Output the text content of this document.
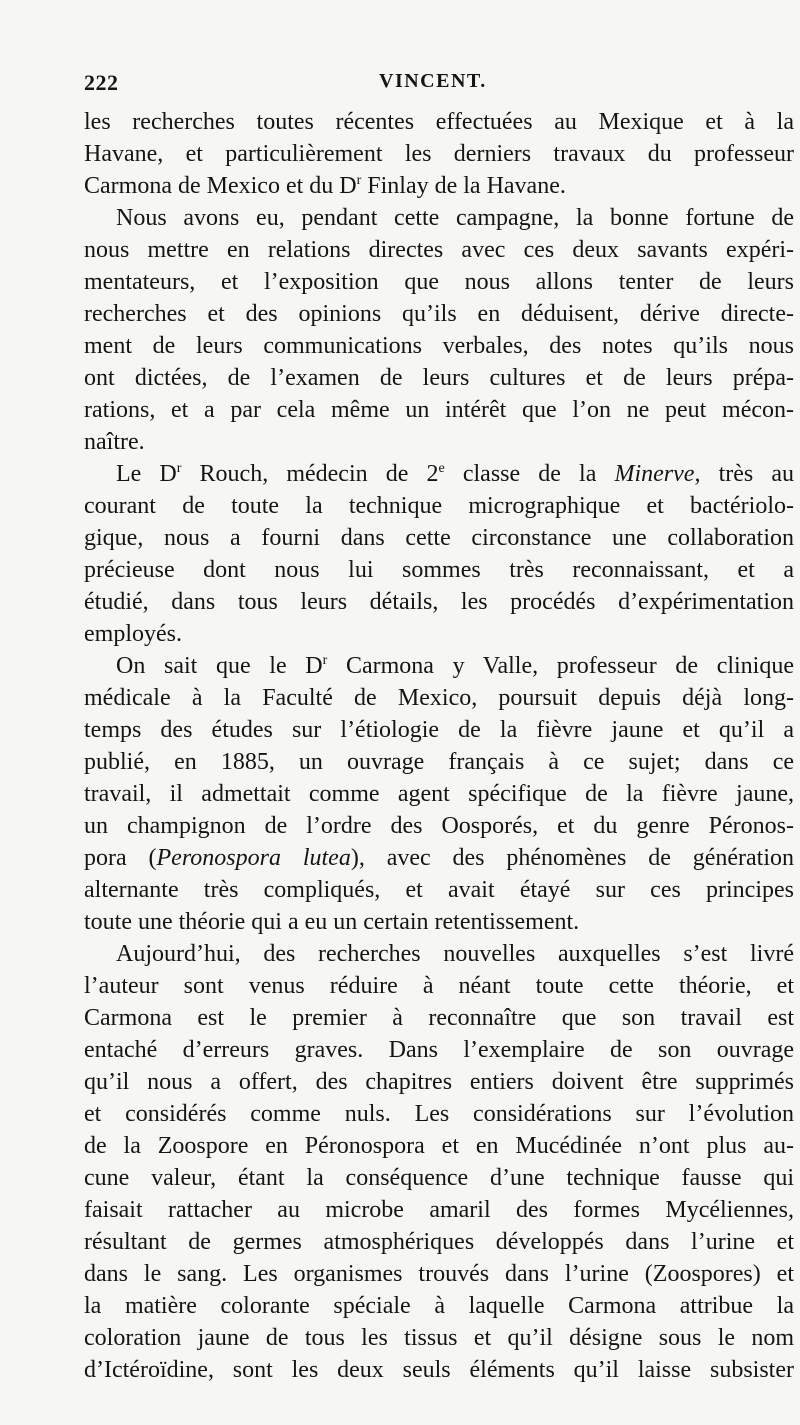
222	VINCENT.
les recherches toutes récentes effectuées au Mexique et à la
Havane, et particulièrement les derniers travaux du professeur
Carmona de Mexico et du $D^r$ Finlay de la Havane.
Nous avons eu, pendant cette campagne, la bonne fortune de
nous mettre en relations directes avec ces deux savants expéri-
mentateurs, et l’exposition que nous allons tenter de leurs
recherches et des opinions qu’ils en déduisent, dérive directe-
ment de leurs communications verbales, des notes qu’ils nous
ont dictées, de l’examen de leurs cultures et de leurs prépa-
rations, et a par cela même un intérêt que l’on ne peut mécon-
naître.
Le $D^r$ Rouch, médecin de 2e classe de la Minerve, très au
courant de toute la technique micrographique et bactériolo-
gique, nous a fourni dans cette circonstance une collaboration
précieuse dont nous lui sommes très reconnaissant, et a
étudié, dans tous leurs détails, les procédés d’expérimentation
employés.
On sait que le $D^r$ Carmona y Valle, professeur de clinique
médicale à la Faculté de Mexico, poursuit depuis déjà long-
temps des études sur l’étiologie de la fièvre jaune et qu’il a
publié, en 1885, un ouvrage français à ce sujet; dans ce
travail, il admettait comme agent spécifique de la fièvre jaune,
un champignon de l’ordre des Oosporés, et du genre Péronos-
pora (Peronospora lutea), avec des phénomènes de génération
alternante très compliqués, et avait étayé sur ces principes
toute une théorie qui a eu un certain retentissement.
Aujourd’hui, des recherches nouvelles auxquelles s’est livré
l’auteur sont venus réduire à néant toute cette théorie, et
Carmona est le premier à reconnaître que son travail est
entaché d’erreurs graves. Dans l’exemplaire de son ouvrage
qu’il nous a offert, des chapitres entiers doivent être supprimés
et considérés comme nuls. Les considérations sur l’évolution
de la Zoospore en Péronospora et en Mucédinée n’ont plus au-
cune valeur, étant la conséquence d’une technique fausse qui
faisait rattacher au microbe amaril des formes Mycéliennes,
résultant de germes atmosphériques développés dans l’urine et
dans le sang. Les organismes trouvés dans l’urine (Zoospores) et
la matière colorante spéciale à laquelle Carmona attribue la
coloration jaune de tous les tissus et qu’il désigne sous le nom
d’Ictéroïdine, sont les deux seuls éléments qu’il laisse subsister
